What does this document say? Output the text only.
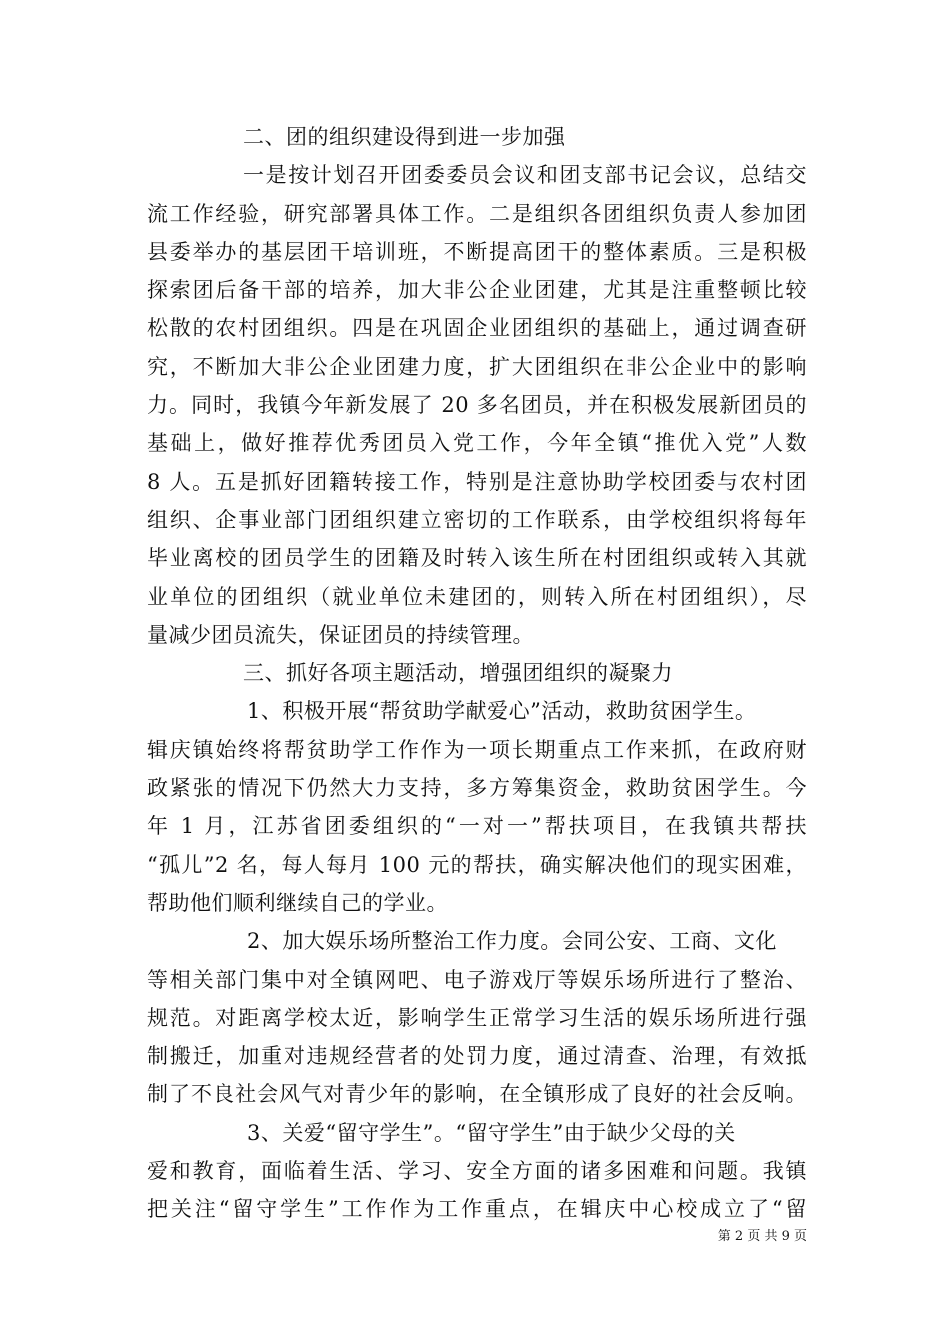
二、团的组织建设得到进一步加强
一是按计划召开团委委员会议和团支部书记会议，总结交
流工作经验，研究部署具体工作。二是组织各团组织负责人参加团
县委举办的基层团干培训班，不断提高团干的整体素质。三是积极
探索团后备干部的培养，加大非公企业团建，尤其是注重整顿比较
松散的农村团组织。四是在巩固企业团组织的基础上，通过调查研
究，不断加大非公企业团建力度，扩大团组织在非公企业中的影响
力。同时，我镇今年新发展了 20 多名团员，并在积极发展新团员的
基础上，做好推荐优秀团员入党工作，今年全镇“推优入党”人数
8 人。五是抓好团籍转接工作，特别是注意协助学校团委与农村团
组织、企事业部门团组织建立密切的工作联系，由学校组织将每年
毕业离校的团员学生的团籍及时转入该生所在村团组织或转入其就
业单位的团组织（就业单位未建团的，则转入所在村团组织），尽
量减少团员流失，保证团员的持续管理。
三、抓好各项主题活动，增强团组织的凝聚力
1、积极开展“帮贫助学献爱心”活动，救助贫困学生。
辑庆镇始终将帮贫助学工作作为一项长期重点工作来抓，在政府财
政紧张的情况下仍然大力支持，多方筹集资金，救助贫困学生。今
年 1 月，江苏省团委组织的“一对一”帮扶项目，在我镇共帮扶
“孤儿”2 名，每人每月 100 元的帮扶，确实解决他们的现实困难，
帮助他们顺利继续自己的学业。
2、加大娱乐场所整治工作力度。会同公安、工商、文化
等相关部门集中对全镇网吧、电子游戏厅等娱乐场所进行了整治、
规范。对距离学校太近，影响学生正常学习生活的娱乐场所进行强
制搬迁，加重对违规经营者的处罚力度，通过清查、治理，有效抵
制了不良社会风气对青少年的影响，在全镇形成了良好的社会反响。
3、关爱“留守学生”。“留守学生”由于缺少父母的关
爱和教育，面临着生活、学习、安全方面的诸多困难和问题。我镇
把关注“留守学生”工作作为工作重点，在辑庆中心校成立了“留
第 2 页 共 9 页
